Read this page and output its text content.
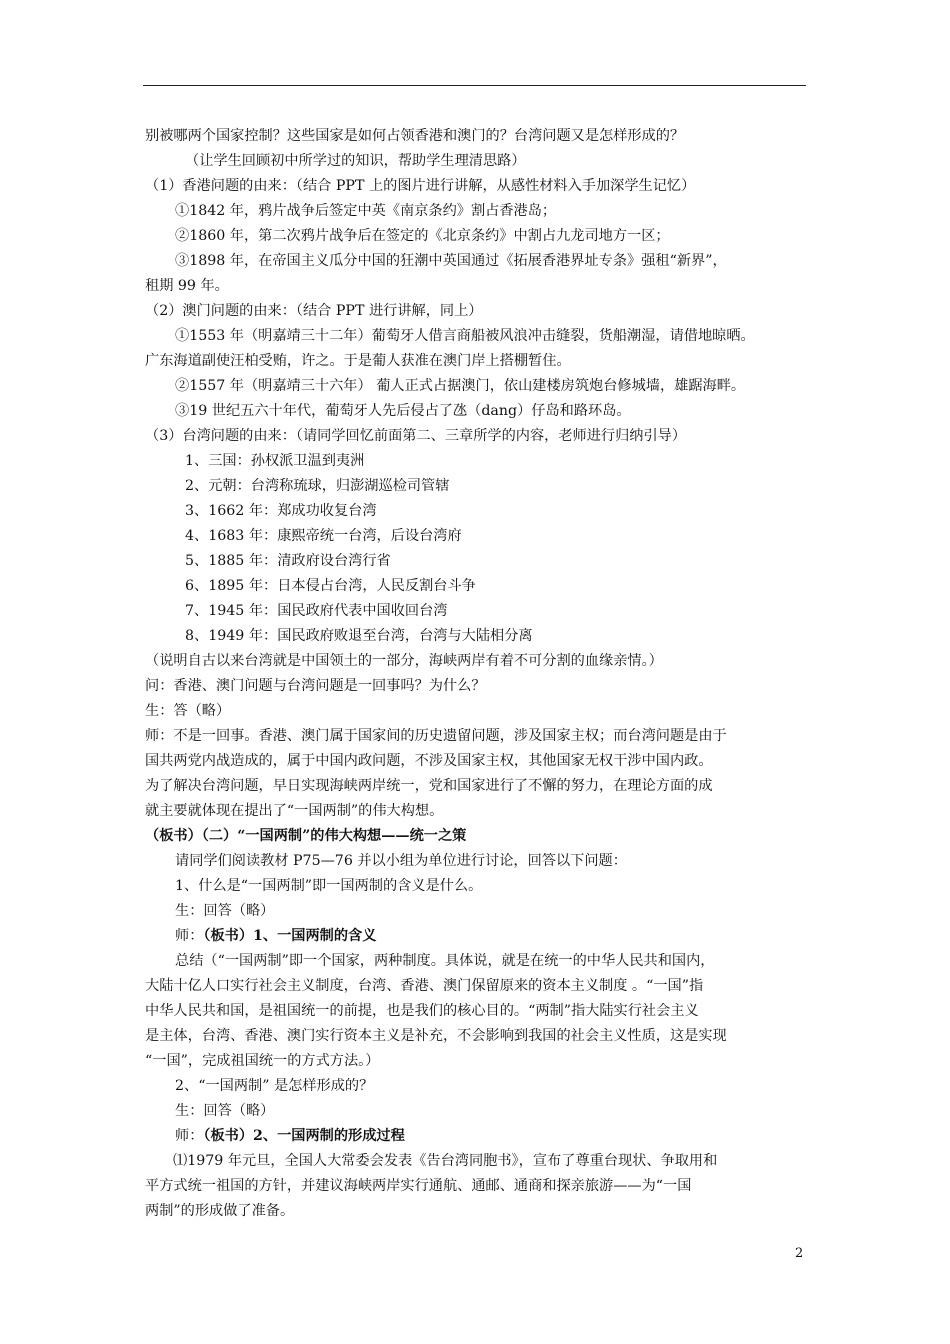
别被哪两个国家控制？这些国家是如何占领香港和澳门的？台湾问题又是怎样形成的？
（让学生回顾初中所学过的知识，帮助学生理清思路）
（1）香港问题的由来：（结合 PPT 上的图片进行讲解，从感性材料入手加深学生记忆）
①1842 年，鸦片战争后签定中英《南京条约》割占香港岛；
②1860 年，第二次鸦片战争后在签定的《北京条约》中割占九龙司地方一区；
③1898 年，在帝国主义瓜分中国的狂潮中英国通过《拓展香港界址专条》强租“新界”，
租期 99 年。
（2）澳门问题的由来：（结合 PPT 进行讲解，同上）
①1553 年（明嘉靖三十二年）葡萄牙人借言商船被风浪冲击缝裂，货船潮湿，请借地晾晒。
广东海道副使汪柏受贿，许之。于是葡人获准在澳门岸上搭棚暂住。
②1557 年（明嘉靖三十六年） 葡人正式占据澳门，依山建楼房筑炮台修城墙，雄踞海畔。
③19 世纪五六十年代，葡萄牙人先后侵占了氹（dang）仔岛和路环岛。
（3）台湾问题的由来：（请同学回忆前面第二、三章所学的内容，老师进行归纳引导）
1、三国：孙权派卫温到夷洲
2、元朝：台湾称琉球，归澎湖巡检司管辖
3、1662 年：郑成功收复台湾
4、1683 年：康熙帝统一台湾，后设台湾府
5、1885 年：清政府设台湾行省
6、1895 年：日本侵占台湾，人民反割台斗争
7、1945 年：国民政府代表中国收回台湾
8、1949 年：国民政府败退至台湾，台湾与大陆相分离
（说明自古以来台湾就是中国领土的一部分，海峡两岸有着不可分割的血缘亲情。）
问：香港、澳门问题与台湾问题是一回事吗？为什么？
生：答（略）
师：不是一回事。香港、澳门属于国家间的历史遗留问题，涉及国家主权；而台湾问题是由于
国共两党内战造成的，属于中国内政问题，不涉及国家主权，其他国家无权干涉中国内政。
为了解决台湾问题，早日实现海峡两岸统一，党和国家进行了不懈的努力，在理论方面的成
就主要就体现在提出了“一国两制”的伟大构想。
（板书）（二）“一国两制”的伟大构想——统一之策
请同学们阅读教材 P75—76 并以小组为单位进行讨论，回答以下问题：
1、什么是“一国两制”即一国两制的含义是什么。
生：回答（略）
师：（板书）1、一国两制的含义
总结（“一国两制”即一个国家，两种制度。具体说，就是在统一的中华人民共和国内，
大陆十亿人口实行社会主义制度，台湾、香港、澳门保留原来的资本主义制度 。“一国”指
中华人民共和国，是祖国统一的前提，也是我们的核心目的。“两制”指大陆实行社会主义
是主体，台湾、香港、澳门实行资本主义是补充，不会影响到我国的社会主义性质，这是实现
“一国”，完成祖国统一的方式方法。）
2、“一国两制” 是怎样形成的？
生：回答（略）
师：（板书）2、一国两制的形成过程
⑴1979 年元旦，全国人大常委会发表《告台湾同胞书》，宣布了尊重台现状、争取用和
平方式统一祖国的方针，并建议海峡两岸实行通航、通邮、通商和探亲旅游——为“一国
两制”的形成做了准备。
2
